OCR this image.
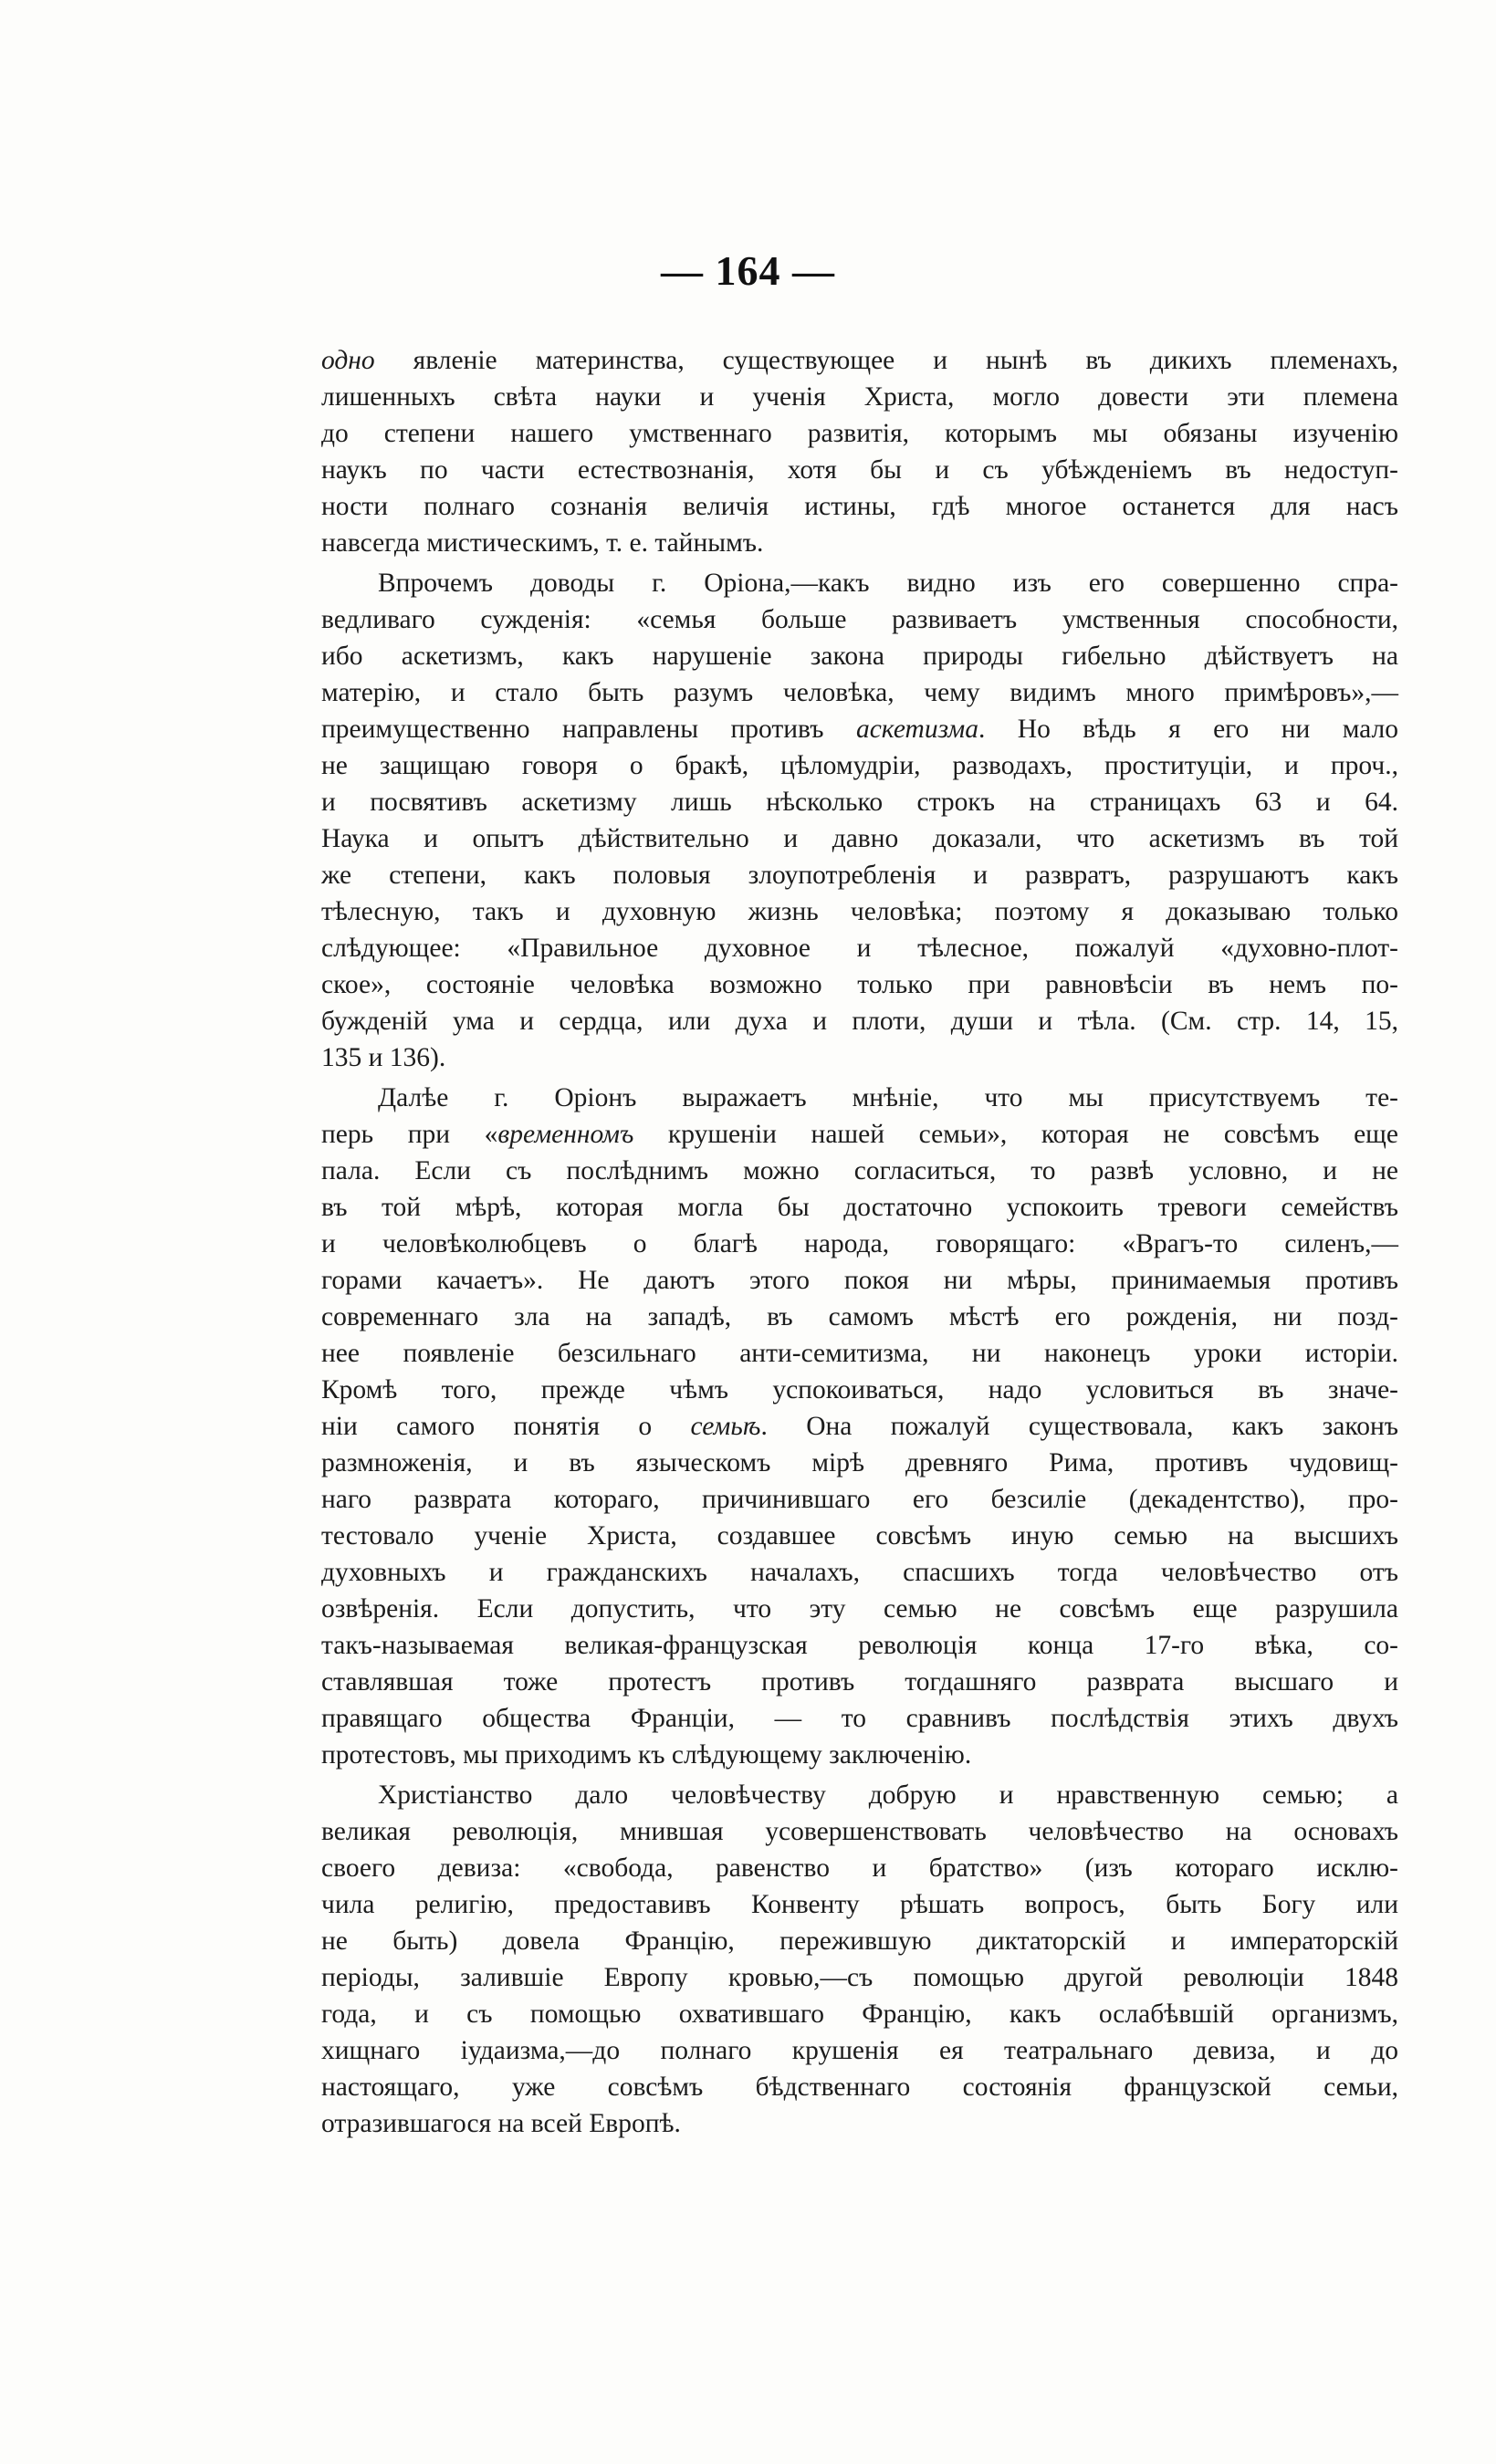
— 164 —
одно явленіе материнства, существующее и нынѣ въ дикихъ племенахъ,
лишенныхъ свѣта науки и ученія Христа, могло довести эти племена
до степени нашего умственнаго развитія, которымъ мы обязаны изученію
наукъ по части естествознанія, хотя бы и съ убѣжденіемъ въ недоступ-
ности полнаго сознанія величія истины, гдѣ многое останется для насъ
навсегда мистическимъ, т. е. тайнымъ.
Впрочемъ доводы г. Оріона,—какъ видно изъ его совершенно спра-
ведливаго сужденія: «семья больше развиваетъ умственныя способности,
ибо аскетизмъ, какъ нарушеніе закона природы гибельно дѣйствуетъ на
матерію, и стало быть разумъ человѣка, чему видимъ много примѣровъ»,—
преимущественно направлены противъ аскетизма. Но вѣдь я его ни мало
не защищаю говоря о бракѣ, цѣломудріи, разводахъ, проституціи, и проч.,
и посвятивъ аскетизму лишь нѣсколько строкъ на страницахъ 63 и 64.
Наука и опытъ дѣйствительно и давно доказали, что аскетизмъ въ той
же степени, какъ половыя злоупотребленія и развратъ, разрушаютъ какъ
тѣлесную, такъ и духовную жизнь человѣка; поэтому я доказываю только
слѣдующее: «Правильное духовное и тѣлесное, пожалуй «духовно-плот-
ское», состояніе человѣка возможно только при равновѣсіи въ немъ по-
бужденій ума и сердца, или духа и плоти, души и тѣла. (См. стр. 14, 15,
135 и 136).
Далѣе г. Оріонъ выражаетъ мнѣніе, что мы присутствуемъ те-
перь при «временномъ крушеніи нашей семьи», которая не совсѣмъ еще
пала. Если съ послѣднимъ можно согласиться, то развѣ условно, и не
въ той мѣрѣ, которая могла бы достаточно успокоить тревоги семействъ
и человѣколюбцевъ о благѣ народа, говорящаго: «Врагъ-то силенъ,—
горами качаетъ». Не даютъ этого покоя ни мѣры, принимаемыя противъ
современнаго зла на западѣ, въ самомъ мѣстѣ его рожденія, ни позд-
нее появленіе безсильнаго анти-семитизма, ни наконецъ уроки исторіи.
Кромѣ того, прежде чѣмъ успокоиваться, надо условиться въ значе-
ніи самого понятія о семьѣ. Она пожалуй существовала, какъ законъ
размноженія, и въ языческомъ мірѣ древняго Рима, противъ чудовищ-
наго разврата котораго, причинившаго его безсиліе (декадентство), про-
тестовало ученіе Христа, создавшее совсѣмъ иную семью на высшихъ
духовныхъ и гражданскихъ началахъ, спасшихъ тогда человѣчество отъ
озвѣренія. Если допустить, что эту семью не совсѣмъ еще разрушила
такъ-называемая великая-французская революція конца 17-го вѣка, со-
ставлявшая тоже протестъ противъ тогдашняго разврата высшаго и
правящаго общества Франціи, — то сравнивъ послѣдствія этихъ двухъ
протестовъ, мы приходимъ къ слѣдующему заключенію.
Христіанство дало человѣчеству добрую и нравственную семью; а
великая революція, мнившая усовершенствовать человѣчество на основахъ
своего девиза: «свобода, равенство и братство» (изъ котораго исклю-
чила религію, предоставивъ Конвенту рѣшать вопросъ, быть Богу или
не быть) довела Францію, пережившую диктаторскій и императорскій
періоды, залившіе Европу кровью,—съ помощью другой революціи 1848
года, и съ помощью охватившаго Францію, какъ ослабѣвшій организмъ,
хищнаго іудаизма,—до полнаго крушенія ея театральнаго девиза, и до
настоящаго, уже совсѣмъ бѣдственнаго состоянія французской семьи,
отразившагося на всей Европѣ.
